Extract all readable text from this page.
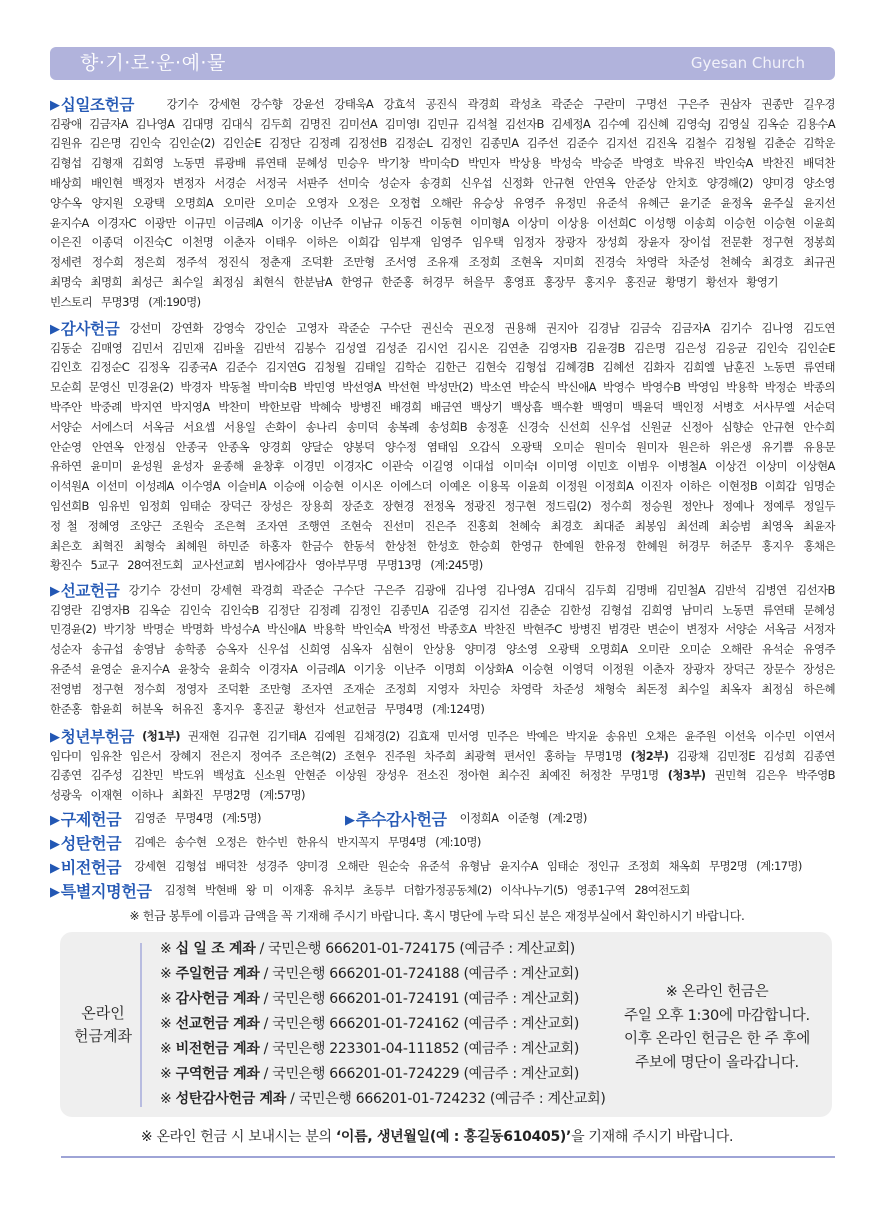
향·기·로·운·예·물	Gyesan Church
▶
십일조헌금	강기수 강세현 강수향 강윤선 강태욱A 강효석 공진식 곽경희 곽성초 곽준순 구란미 구명선 구은주 권삼자 권종만 길우경
김광애 김금자A 김나영A 김대명 김대식 김두희 김명진 김미선A 김미영I 김민규 김석철 김선자B 김세정A 김수예 김신혜 김영숙J 김영실 김옥순 김용수A
김원유 김은명 김인숙 김인순(2) 김인순E 김정단 김정례 김정선B 김정순L 김정인 김종민A 김주선 김준수 김지선 김진옥 김철수 김청월 김춘순 김학운
김형섭 김형재 김희영 노동면 류광배 류연태 문혜성 민승우 박기창 박미숙D 박민자 박상용 박성숙 박승준 박영호 박유진 박인숙A 박찬진 배덕찬
배상희 배인현 백정자 변정자 서경순 서정국 서판주 선미숙 성순자 송경희 신우섭 신정화 안규현 안연옥 안준상 안치호 양경해(2) 양미경 양소영
양수옥 양지원 오광택 오명희A 오미란 오미순 오영자 오정은 오정협 오해란 유승상 유영주 유정민 유준석 유혜근 윤기준 윤정옥 윤주실 윤지선
윤지수A 이경자C 이광만 이규민 이금례A 이기웅 이난주 이남규 이동건 이동현 이미형A 이상미 이상용 이선희C 이성행 이송희 이승헌 이승현 이윤희
이은진 이종덕 이진숙C 이천명 이춘자 이태우 이하은 이희갑 임부재 임영주 임우택 임정자 장광자 장성희 장윤자 장이섭 전문환 정구현 정봉희
정세련 정수희 정은희 정주석 정진식 정춘재 조덕환 조만형 조서영 조유재 조정희 조현옥 지미희 진경숙 차영락 차준성 천혜숙 최경호 최규권
최명숙 최명희 최성근 최수일 최정심 최현식 한분남A 한영규 한준홍 허경무 허을무 홍영표 홍장무 홍지우 홍진균 황명기 황선자 황영기
빈스토리 무명3명 (계:190명)
▶
감사헌금 강선미 강연화 강영숙 강인순 고영자 곽준순 구수단 권신숙 권오정 권용해 권지아 김경남 김금숙 김금자A 김기수 김나영 김도연
김동순 김매영 김민서 김민재 김바울 김반석 김봉수 김성열 김성준 김시언 김시온 김연춘 김영자B 김윤경B 김은명 김은성 김응균 김인숙 김인순E
김인호 김정순C 김정옥 김종국A 김준수 김지연G 김청월 김태일 김학순 김한근 김현숙 김형섭 김혜경B 김혜선 김화자 김희엘 남훈진 노동면 류연태
모순희 문영신 민경윤(2) 박경자 박동철 박미숙B 박민영 박선영A 박선현 박성만(2) 박소연 박순식 박신애A 박영수 박영수B 박영임 박용학 박정순 박종의
박주안 박중례 박지연 박지영A 박찬미 박한보람 박혜숙 방병진 배경희 배금연 백상기 백상흠 백수환 백영미 백윤덕 백인정 서병호 서사무엘 서순덕
서양순 서에스더 서옥금 서요셉 서용일 손화이 송나리 송미덕 송복례 송성희B 송정훈 신경숙 신선희 신우섭 신원균 신정아 심향순 안규현 안수희
안순영 안연옥 안정심 안종국 안종옥 양경희 양달순 양봉덕 양수정 염태임 오갑식 오광택 오미순 원미숙 원미자 원은하 위은생 유기쁨 유용문
유하연 윤미미 윤성원 윤성자 윤종해 윤창후 이경민 이경자C 이관숙 이길영 이대섭 이미숙I 이미영 이민호 이범우 이병철A 이상건 이상미 이상현A
이석원A 이선미 이성례A 이수영A 이슬비A 이승애 이승현 이시온 이에스더 이예온 이용목 이윤희 이정원 이정희A 이진자 이하은 이현정B 이희갑 임명순
임선희B 임유빈 임정희 임태순 장덕근 장성은 장용희 장준호 장현경 전정옥 정광진 정구현 정드림(2) 정수희 정승원 정안나 정예나 정예루 정일두
정  철 정혜영 조양근 조원숙 조은혁 조자연 조행연 조현숙 진선미 진은주 진홍회 천혜숙 최경호 최대준 최봉임 최선례 최승범 최영옥 최윤자
최은호 최혁진 최형숙 최혜원 하민준 하홍자 한금수 한동석 한상천 한성호 한승희 한영규 한예원 한유정 한혜원 허경무 허준무 홍지우 홍채은
황진수 5교구 28여전도회 교사선교회 범사에감사 영아부무명 무명13명 (계:245명)
▶
선교헌금 강기수 강선미 강세현 곽경희 곽준순 구수단 구은주 김광애 김나영 김나영A 김대식 김두희 김명배 김민철A 김반석 김병연 김선자B
김영란 김영자B 김옥순 김인숙 김인숙B 김정단 김정례 김정인 김종민A 김준영 김지선 김춘순 김한성 김형섭 김희영 남미리 노동면 류연태 문혜성
민경윤(2) 박기창 박명순 박명화 박성수A 박신애A 박용학 박인숙A 박정선 박종호A 박찬진 박현주C 방병진 범경란 변순이 변정자 서양순 서옥금 서정자
성순자 송규섭 송영남 송학종 승옥자 신우섭 신희영 심옥자 심현이 안상용 양미경 양소영 오광택 오명희A 오미란 오미순 오해란 유석순 유영주
유준석 윤영순 윤지수A 윤창숙 윤희숙 이경자A 이금례A 이기웅 이난주 이명희 이상화A 이승현 이영덕 이정원 이춘자 장광자 장덕근 장문수 장성은
전영범 정구현 정수희 정영자 조덕환 조만형 조자연 조재순 조정희 지영자 차민승 차영락 차준성 채형숙 최돈정 최수일 최옥자 최정심 하은혜
한준홍 함윤희 허분옥 허유진 홍지우 홍진균 황선자 선교헌금 무명4명 (계:124명)
▶
청년부헌금 (청1부) 권재현 김규현 김기태A 김예원 김채경(2) 김효재 민서영 민주은 박예은 박지윤 송유빈 오채은 윤주원 이선욱 이수민 이연서
임다미 임유찬 임은서 장혜지 전은지 정여주 조은혁(2) 조현우 진주원 차주희 최광혁 편서인 홍하늘 무명1명 (청2부) 김광채 김민정E 김성희 김종연
김종연 김주성 김찬민 박도위 백성효 신소원 안현준 이상원 장성우 전소진 정아현 최수진 최예진 허정찬 무명1명 (청3부) 권민혁 김은우 박주영B
성광욱 이재현 이하나 최화진 무명2명 (계:57명)
▶
구제헌금 김영준 무명4명 (계:5명) ▶	추수감사헌금 이정희A 이준형 (계:2명)
▶
성탄헌금 김예은 송수현 오정은 한수빈 한유식 반지꼭지 무명4명 (계:10명)
▶
비전헌금 강세현 김형섭 배덕찬 성경주 양미경 오해란 원순숙 유준석 유형남 윤지수A 임태순 정인규 조정희 채옥희 무명2명 (계:17명)
▶
특별지명헌금 김정혁 박현배 왕  미 이재홍 유치부 초등부 더함가정공동체(2) 이삭나누기(5) 영종1구역 28여전도회
※ 헌금 봉투에 이름과 금액을 꼭 기재해 주시기 바랍니다. 혹시 명단에 누락 되신 분은 재정부실에서 확인하시기 바랍니다.
온라인
헌금계좌
※ 십 일 조 계좌 / 국민은행 666201-01-724175 (예금주 : 계산교회)
※ 주일헌금 계좌 / 국민은행 666201-01-724188 (예금주 : 계산교회)
※ 감사헌금 계좌 / 국민은행 666201-01-724191 (예금주 : 계산교회)
※ 선교헌금 계좌 / 국민은행 666201-01-724162 (예금주 : 계산교회)
※ 비전헌금 계좌 / 국민은행 223301-04-111852 (예금주 : 계산교회)
※ 구역헌금 계좌 / 국민은행 666201-01-724229 (예금주 : 계산교회)
※ 성탄감사헌금 계좌 / 국민은행 666201-01-724232 (예금주 : 계산교회)
※ 온라인 헌금은
주일 오후 1:30에 마감합니다.
이후 온라인 헌금은 한 주 후에
주보에 명단이 올라갑니다.
※ 온라인 헌금 시 보내시는 분의 ‘이름, 생년월일(예 : 홍길동610405)’을 기재해 주시기 바랍니다.
